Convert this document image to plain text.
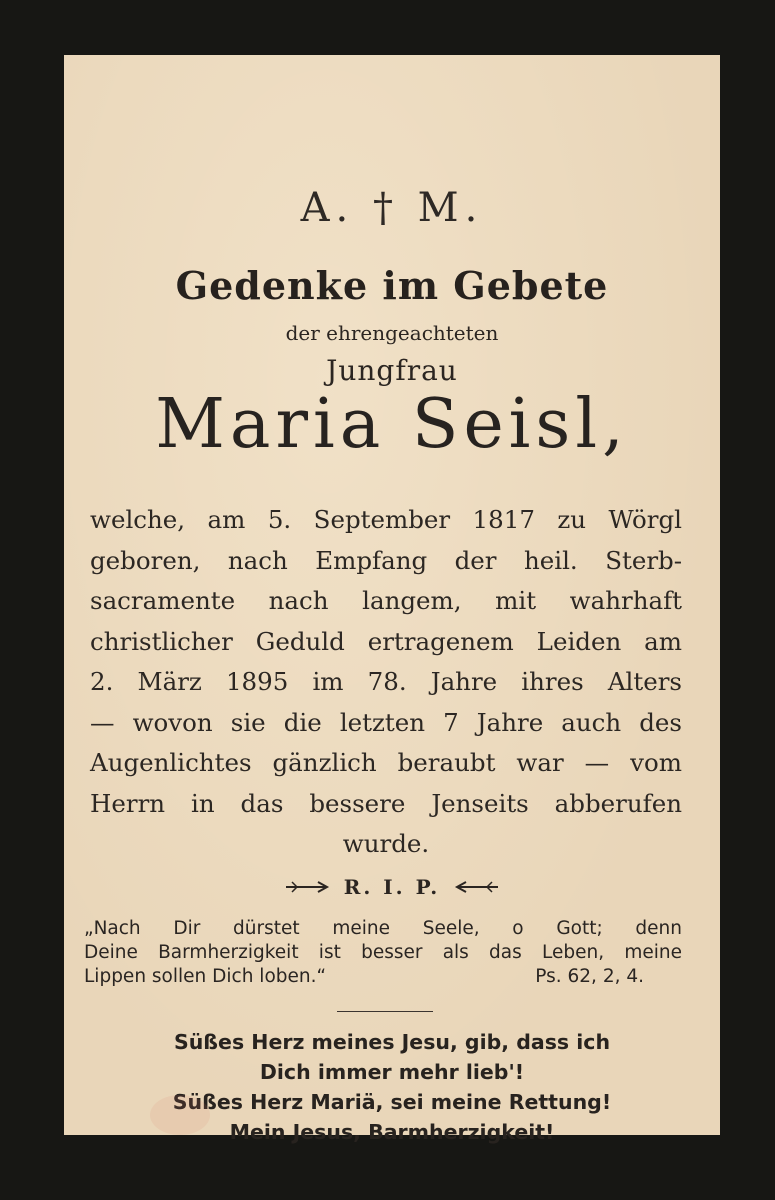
A. † M.
Gedenke im Gebete
der ehrengeachteten
Jungfrau
Maria Seisl,
welche, am 5. September 1817 zu Wörgl
geboren, nach Empfang der heil. Sterb-
sacramente nach langem, mit wahrhaft
christlicher Geduld ertragenem Leiden am
2. März 1895 im 78. Jahre ihres Alters
— wovon sie die letzten 7 Jahre auch des
Augenlichtes gänzlich beraubt war — vom
Herrn in das bessere Jenseits abberufen
wurde.
R. I. P.
„Nach Dir dürstet meine Seele, o Gott; denn
Deine Barmherzigkeit ist besser als das Leben, meine
Lippen sollen Dich loben.“	Ps. 62, 2, 4.
Süßes Herz meines Jesu, gib, dass ich
Dich immer mehr lieb'!
Süßes Herz Mariä, sei meine Rettung!
Mein Jesus, Barmherzigkeit!
